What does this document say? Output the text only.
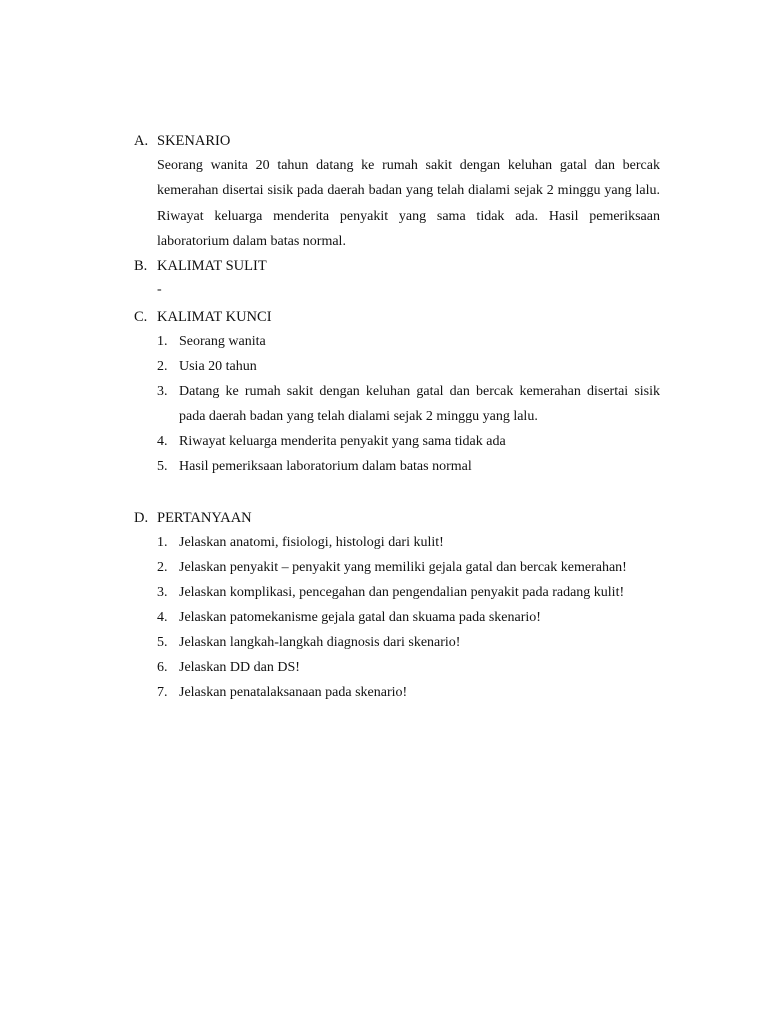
A. SKENARIO

Seorang wanita 20 tahun datang ke rumah sakit dengan keluhan gatal dan bercak kemerahan disertai sisik pada daerah badan yang telah dialami sejak 2 minggu yang lalu. Riwayat keluarga menderita penyakit yang sama tidak ada. Hasil pemeriksaan laboratorium dalam batas normal.

B. KALIMAT SULIT
-
C. KALIMAT KUNCI
1. Seorang wanita
2. Usia 20 tahun
3. Datang ke rumah sakit dengan keluhan gatal dan bercak kemerahan disertai sisik pada daerah badan yang telah dialami sejak 2 minggu yang lalu.
4. Riwayat keluarga menderita penyakit yang sama tidak ada
5. Hasil pemeriksaan laboratorium dalam batas normal
D. PERTANYAAN
1. Jelaskan anatomi, fisiologi, histologi dari kulit!
2. Jelaskan penyakit – penyakit yang memiliki gejala gatal dan bercak kemerahan!
3. Jelaskan komplikasi, pencegahan dan pengendalian penyakit pada radang kulit!
4. Jelaskan patomekanisme gejala gatal dan skuama pada skenario!
5. Jelaskan langkah-langkah diagnosis dari skenario!
6. Jelaskan DD dan DS!
7. Jelaskan penatalaksanaan pada skenario!
